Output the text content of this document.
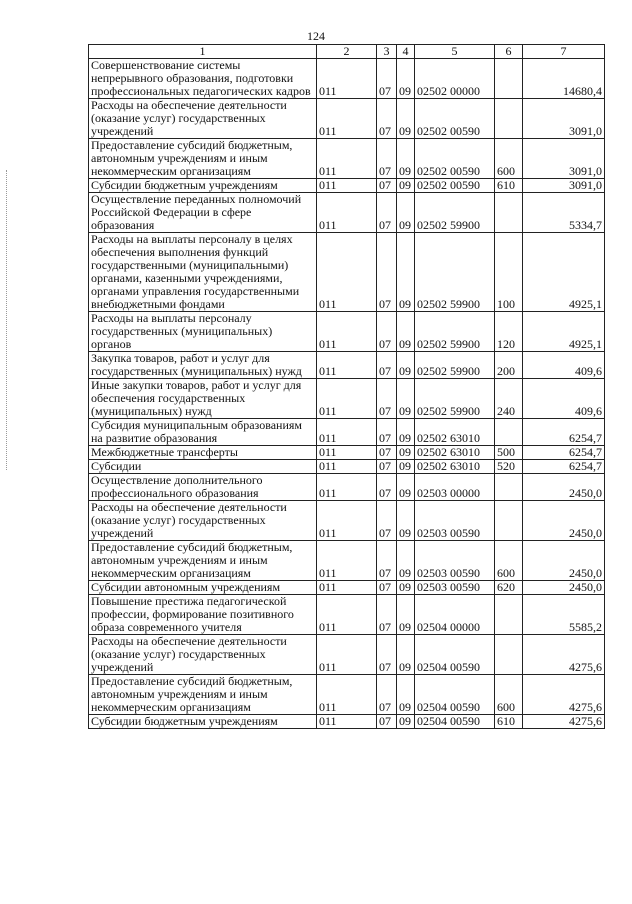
124
1	2	3	4	5	6	7
Совершенствование системы непрерывного образования, подготовки профессиональных педагогических кадров	011	07	09	02502 00000		14680,4
Расходы на обеспечение деятельности (оказание услуг) государственных учреждений	011	07	09	02502 00590		3091,0
Предоставление субсидий бюджетным, автономным учреждениям и иным некоммерческим организациям	011	07	09	02502 00590	600	3091,0
Субсидии бюджетным учреждениям	011	07	09	02502 00590	610	3091,0
Осуществление переданных полномочий Российской Федерации в сфере образования	011	07	09	02502 59900		5334,7
Расходы на выплаты персоналу в целях обеспечения выполнения функций государственными (муниципальными) органами, казенными учреждениями, органами управления государственными внебюджетными фондами	011	07	09	02502 59900	100	4925,1
Расходы на выплаты персоналу государственных (муниципальных) органов	011	07	09	02502 59900	120	4925,1
Закупка товаров, работ и услуг для государственных (муниципальных) нужд	011	07	09	02502 59900	200	409,6
Иные закупки товаров, работ и услуг для обеспечения государственных (муниципальных) нужд	011	07	09	02502 59900	240	409,6
Субсидия муниципальным образованиям на развитие образования	011	07	09	02502 63010		6254,7
Межбюджетные трансферты	011	07	09	02502 63010	500	6254,7
Субсидии	011	07	09	02502 63010	520	6254,7
Осуществление дополнительного профессионального образования	011	07	09	02503 00000		2450,0
Расходы на обеспечение деятельности (оказание услуг) государственных учреждений	011	07	09	02503 00590		2450,0
Предоставление субсидий бюджетным, автономным учреждениям и иным некоммерческим организациям	011	07	09	02503 00590	600	2450,0
Субсидии автономным учреждениям	011	07	09	02503 00590	620	2450,0
Повышение престижа педагогической профессии, формирование позитивного образа современного учителя	011	07	09	02504 00000		5585,2
Расходы на обеспечение деятельности (оказание услуг) государственных учреждений	011	07	09	02504 00590		4275,6
Предоставление субсидий бюджетным, автономным учреждениям и иным некоммерческим организациям	011	07	09	02504 00590	600	4275,6
Субсидии бюджетным учреждениям	011	07	09	02504 00590	610	4275,6
